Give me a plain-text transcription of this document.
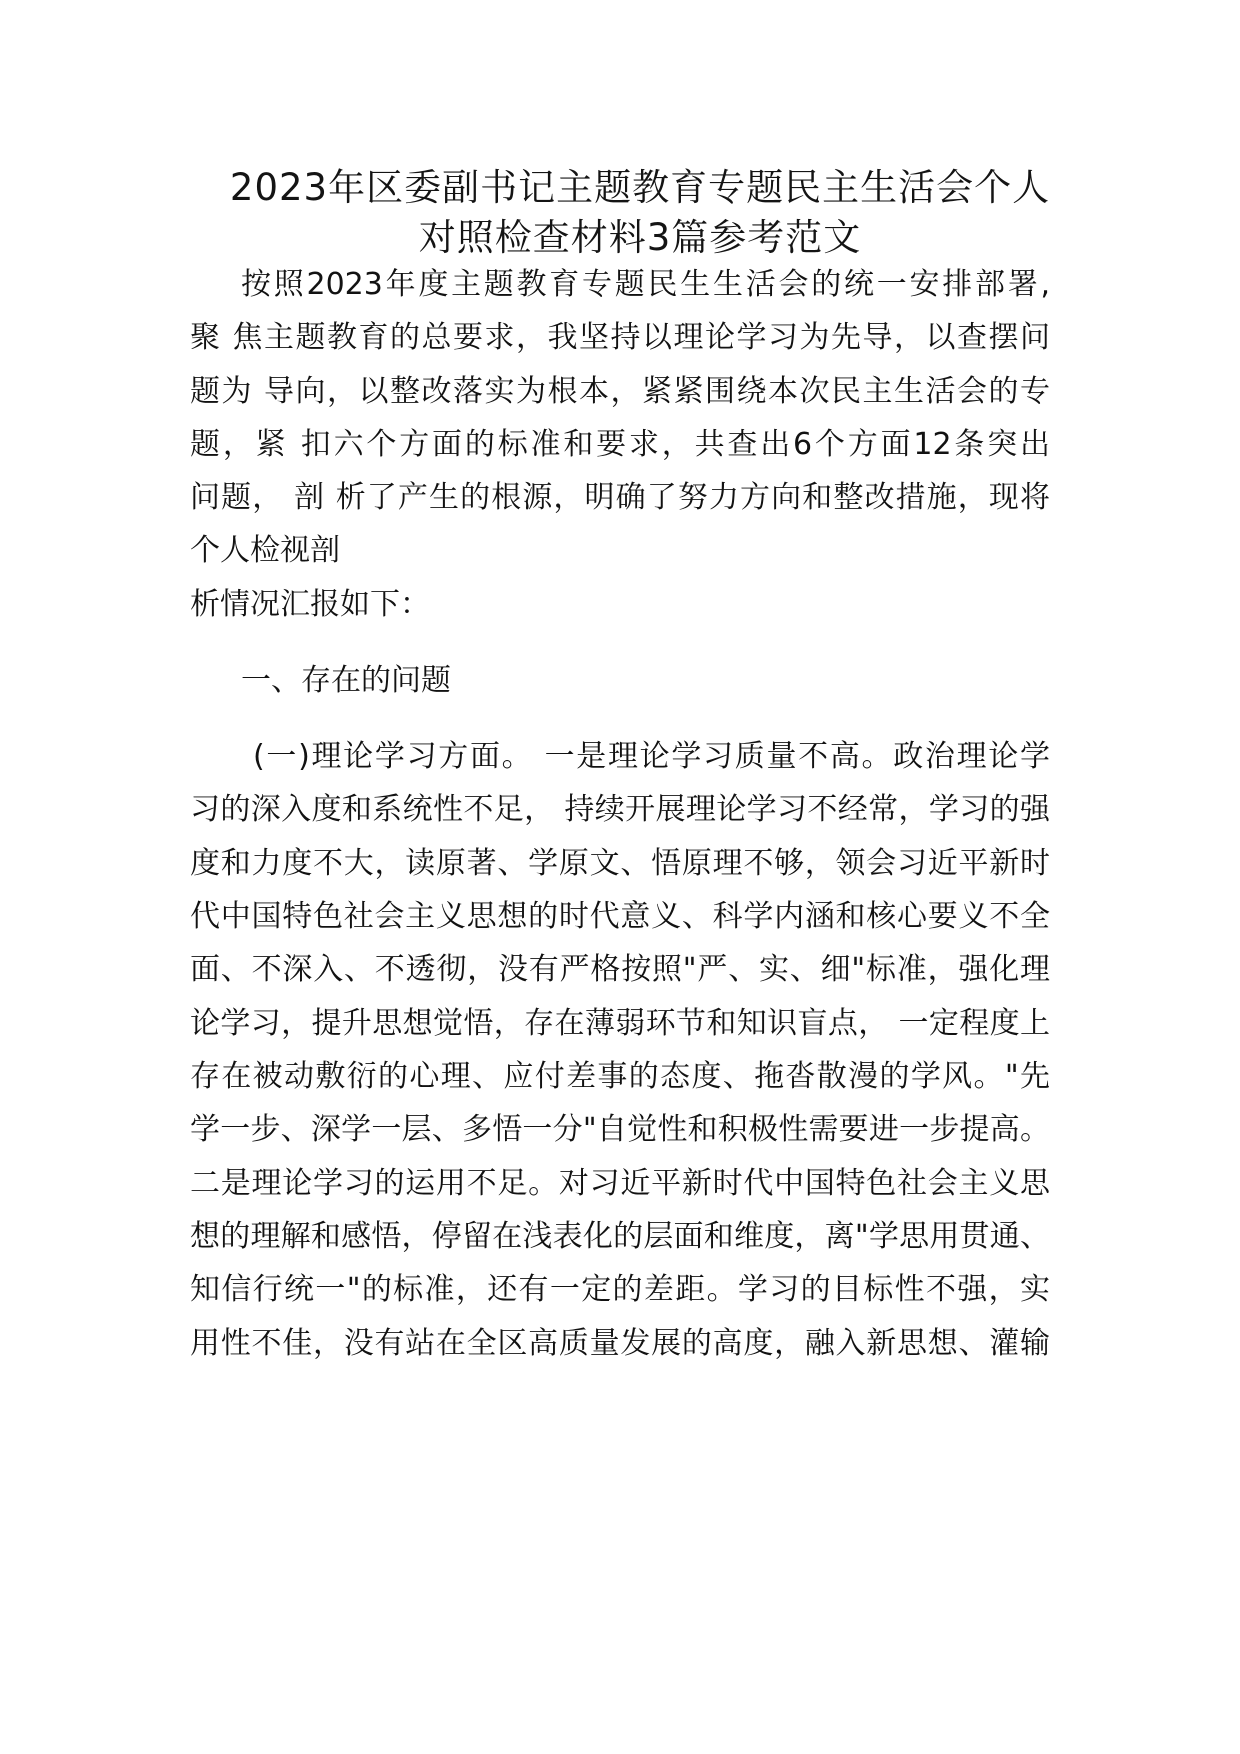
2023年区委副书记主题教育专题民主生活会个人
对照检查材料3篇参考范文
按照2023年度主题教育专题民生生活会的统一安排部署,
聚 焦主题教育的总要求，我坚持以理论学习为先导，以查摆问
题为 导向，以整改落实为根本，紧紧围绕本次民主生活会的专
题，紧 扣六个方面的标准和要求，共查出6个方面12条突出
问题， 剖 析了产生的根源，明确了努力方向和整改措施，现将
个人检视剖
析情况汇报如下：
一、存在的问题
(一)理论学习方面。 一是理论学习质量不高。政治理论学
习的深入度和系统性不足， 持续开展理论学习不经常，学习的强
度和力度不大，读原著、学原文、悟原理不够，领会习近平新时
代中国特色社会主义思想的时代意义、科学内涵和核心要义不全
面、不深入、不透彻，没有严格按照"严、实、细"标准，强化理
论学习，提升思想觉悟，存在薄弱环节和知识盲点， 一定程度上
存在被动敷衍的心理、应付差事的态度、拖沓散漫的学风。"先
学一步、深学一层、多悟一分"自觉性和积极性需要进一步提高。
二是理论学习的运用不足。对习近平新时代中国特色社会主义思
想的理解和感悟，停留在浅表化的层面和维度，离"学思用贯通、
知信行统一"的标准，还有一定的差距。学习的目标性不强，实
用性不佳，没有站在全区高质量发展的高度，融入新思想、灌输
